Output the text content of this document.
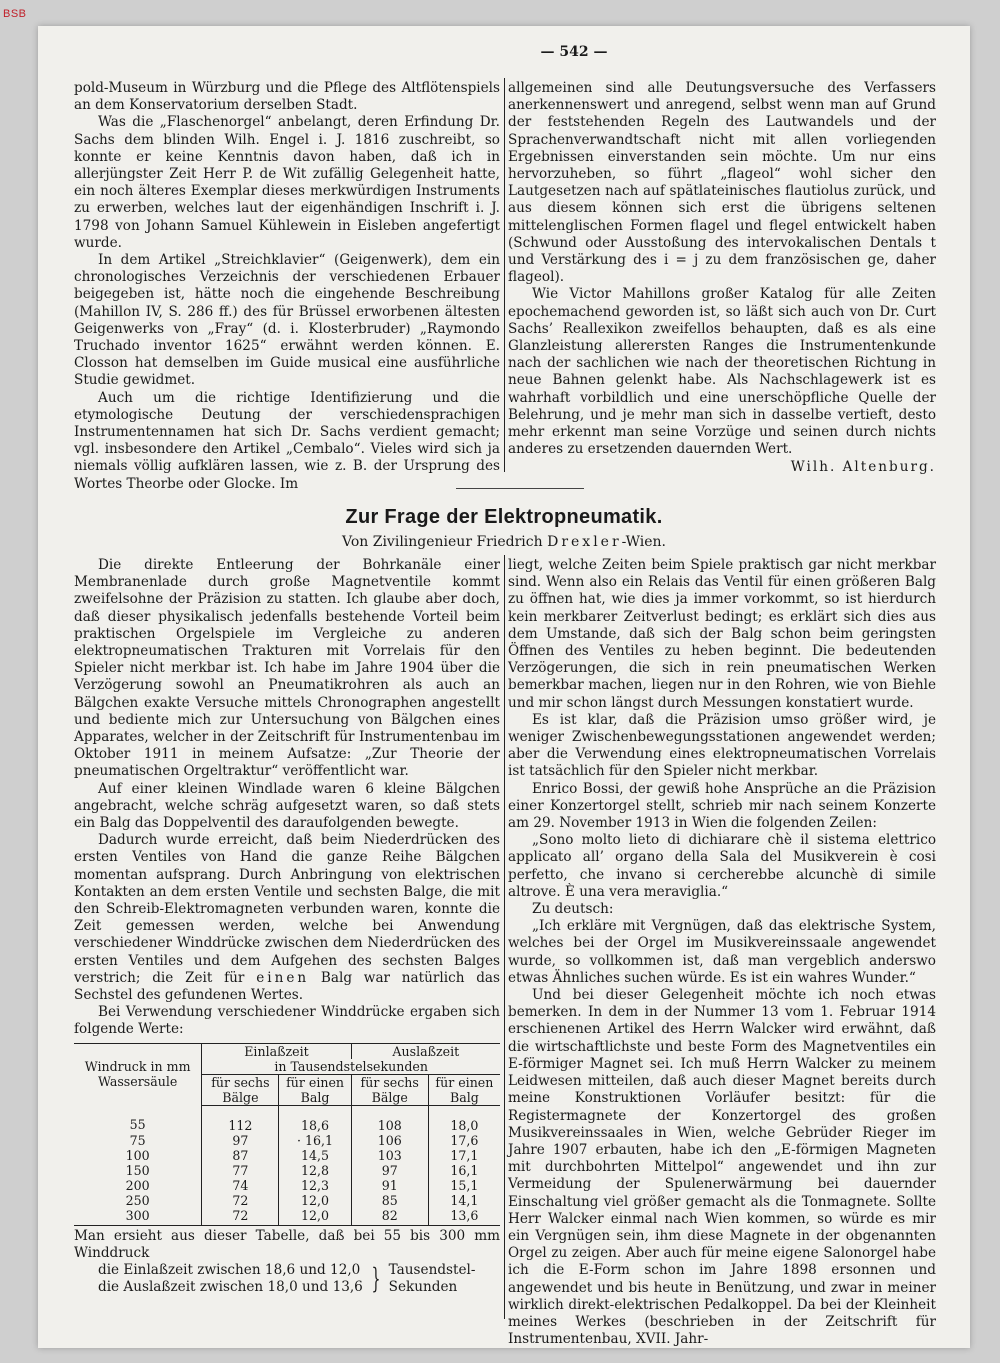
BSB
— 542 —

pold-Museum in Würzburg und die Pflege des Altflötenspiels an dem Konservatorium derselben Stadt.

Was die „Flaschenorgel“ anbelangt, deren Erfindung Dr. Sachs dem blinden Wilh. Engel i. J. 1816 zuschreibt, so konnte er keine Kenntnis davon haben, daß ich in allerjüngster Zeit Herr P. de Wit zufällig Gelegenheit hatte, ein noch älteres Exemplar dieses merkwürdigen Instruments zu erwerben, welches laut der eigenhändigen Inschrift i. J. 1798 von Johann Samuel Kühlewein in Eisleben angefertigt wurde.

In dem Artikel „Streichklavier“ (Geigenwerk), dem ein chronologisches Verzeichnis der verschiedenen Erbauer beigegeben ist, hätte noch die eingehende Beschreibung (Mahillon IV, S. 286 ff.) des für Brüssel erworbenen ältesten Geigenwerks von „Fray“ (d. i. Klosterbruder) „Raymondo Truchado inventor 1625“ erwähnt werden können. E. Closson hat demselben im Guide musical eine ausführliche Studie gewidmet.

Auch um die richtige Identifizierung und die etymologische Deutung der verschiedensprachigen Instrumentennamen hat sich Dr. Sachs verdient gemacht; vgl. insbesondere den Artikel „Cembalo“. Vieles wird sich ja niemals völlig aufklären lassen, wie z. B. der Ursprung des Wortes Theorbe oder Glocke. Im

allgemeinen sind alle Deutungsversuche des Verfassers anerkennenswert und anregend, selbst wenn man auf Grund der feststehenden Regeln des Lautwandels und der Sprachenverwandtschaft nicht mit allen vorliegenden Ergebnissen einverstanden sein möchte. Um nur eins hervorzuheben, so führt „flageol“ wohl sicher den Lautgesetzen nach auf spätlateinisches flautiolus zurück, und aus diesem können sich erst die übrigens seltenen mittelenglischen Formen flagel und flegel entwickelt haben (Schwund oder Ausstoßung des intervokalischen Dentals t und Verstärkung des i = j zu dem französischen ge, daher flageol).

Wie Victor Mahillons großer Katalog für alle Zeiten epochemachend geworden ist, so läßt sich auch von Dr. Curt Sachs’ Reallexikon zweifellos behaupten, daß es als eine Glanzleistung allerersten Ranges die Instrumentenkunde nach der sachlichen wie nach der theoretischen Richtung in neue Bahnen gelenkt habe. Als Nachschlagewerk ist es wahrhaft vorbildlich und eine unerschöpfliche Quelle der Belehrung, und je mehr man sich in dasselbe vertieft, desto mehr erkennt man seine Vorzüge und seinen durch nichts anderes zu ersetzenden dauernden Wert.

Wilh. Altenburg.
Zur Frage der Elektropneumatik.
Von Zivilingenieur Friedrich Drexler-Wien.

Die direkte Entleerung der Bohrkanäle einer Membranenlade durch große Magnetventile kommt zweifelsohne der Präzision zu statten. Ich glaube aber doch, daß dieser physikalisch jedenfalls bestehende Vorteil beim praktischen Orgelspiele im Vergleiche zu anderen elektropneumatischen Trakturen mit Vorrelais für den Spieler nicht merkbar ist. Ich habe im Jahre 1904 über die Verzögerung sowohl an Pneumatikrohren als auch an Bälgchen exakte Versuche mittels Chronographen angestellt und bediente mich zur Untersuchung von Bälgchen eines Apparates, welcher in der Zeitschrift für Instrumentenbau im Oktober 1911 in meinem Aufsatze: „Zur Theorie der pneumatischen Orgeltraktur“ veröffentlicht war.

Auf einer kleinen Windlade waren 6 kleine Bälgchen angebracht, welche schräg aufgesetzt waren, so daß stets ein Balg das Doppelventil des daraufolgenden bewegte.

Dadurch wurde erreicht, daß beim Niederdrücken des ersten Ventiles von Hand die ganze Reihe Bälgchen momentan aufsprang. Durch Anbringung von elektrischen Kontakten an dem ersten Ventile und sechsten Balge, die mit den Schreib-Elektromagneten verbunden waren, konnte die Zeit gemessen werden, welche bei Anwendung verschiedener Winddrücke zwischen dem Niederdrücken des ersten Ventiles und dem Aufgehen des sechsten Balges verstrich; die Zeit für einen Balg war natürlich das Sechstel des gefundenen Wertes.

Bei Verwendung verschiedener Winddrücke ergaben sich folgende Werte:

Windruck in mm Wassersäule	Einlaßzeit		Auslaßzeit	
	in Tausendstelsekunden			
	für sechs Bälge	für einen Balg	für sechs Bälge	für einen Balg
55	112	18,6	108	18,0
75	97	· 16,1	106	17,6
100	87	14,5	103	17,1
150	77	12,8	97	16,1
200	74	12,3	91	15,1
250	72	12,0	85	14,1
300	72	12,0	82	13,6

Man ersieht aus dieser Tabelle, daß bei 55 bis 300 mm Winddruck

die Einlaßzeit zwischen 18,6 und 12,0
die Auslaßzeit zwischen 18,0 und 13,6 } Tausendstel-
Sekunden

liegt, welche Zeiten beim Spiele praktisch gar nicht merkbar sind. Wenn also ein Relais das Ventil für einen größeren Balg zu öffnen hat, wie dies ja immer vorkommt, so ist hierdurch kein merkbarer Zeitverlust bedingt; es erklärt sich dies aus dem Umstande, daß sich der Balg schon beim geringsten Öffnen des Ventiles zu heben beginnt. Die bedeutenden Verzögerungen, die sich in rein pneumatischen Werken bemerkbar machen, liegen nur in den Rohren, wie von Biehle und mir schon längst durch Messungen konstatiert wurde.

Es ist klar, daß die Präzision umso größer wird, je weniger Zwischenbewegungsstationen angewendet werden; aber die Verwendung eines elektropneumatischen Vorrelais ist tatsächlich für den Spieler nicht merkbar.

Enrico Bossi, der gewiß hohe Ansprüche an die Präzision einer Konzertorgel stellt, schrieb mir nach seinem Konzerte am 29. November 1913 in Wien die folgenden Zeilen:

„Sono molto lieto di dichiarare chè il sistema elettrico applicato all’ organo della Sala del Musikverein è cosi perfetto, che invano si cercherebbe alcunchè di simile altrove. È una vera meraviglia.“

Zu deutsch:

„Ich erkläre mit Vergnügen, daß das elektrische System, welches bei der Orgel im Musikvereinssaale angewendet wurde, so vollkommen ist, daß man vergeblich anderswo etwas Ähnliches suchen würde. Es ist ein wahres Wunder.“

Und bei dieser Gelegenheit möchte ich noch etwas bemerken. In dem in der Nummer 13 vom 1. Februar 1914 erschienenen Artikel des Herrn Walcker wird erwähnt, daß die wirtschaftlichste und beste Form des Magnetventiles ein E-förmiger Magnet sei. Ich muß Herrn Walcker zu meinem Leidwesen mitteilen, daß auch dieser Magnet bereits durch meine Konstruktionen Vorläufer besitzt: für die Registermagnete der Konzertorgel des großen Musikvereinssaales in Wien, welche Gebrüder Rieger im Jahre 1907 erbauten, habe ich den „E-förmigen Magneten mit durchbohrten Mittelpol“ angewendet und ihn zur Vermeidung der Spulenerwärmung bei dauernder Einschaltung viel größer gemacht als die Tonmagnete. Sollte Herr Walcker einmal nach Wien kommen, so würde es mir ein Vergnügen sein, ihm diese Magnete in der obgenannten Orgel zu zeigen. Aber auch für meine eigene Salonorgel habe ich die E-Form schon im Jahre 1898 ersonnen und angewendet und bis heute in Benützung, und zwar in meiner wirklich direkt-elektrischen Pedalkoppel. Da bei der Kleinheit meines Werkes (beschrieben in der Zeitschrift für Instrumentenbau, XVII. Jahr-
